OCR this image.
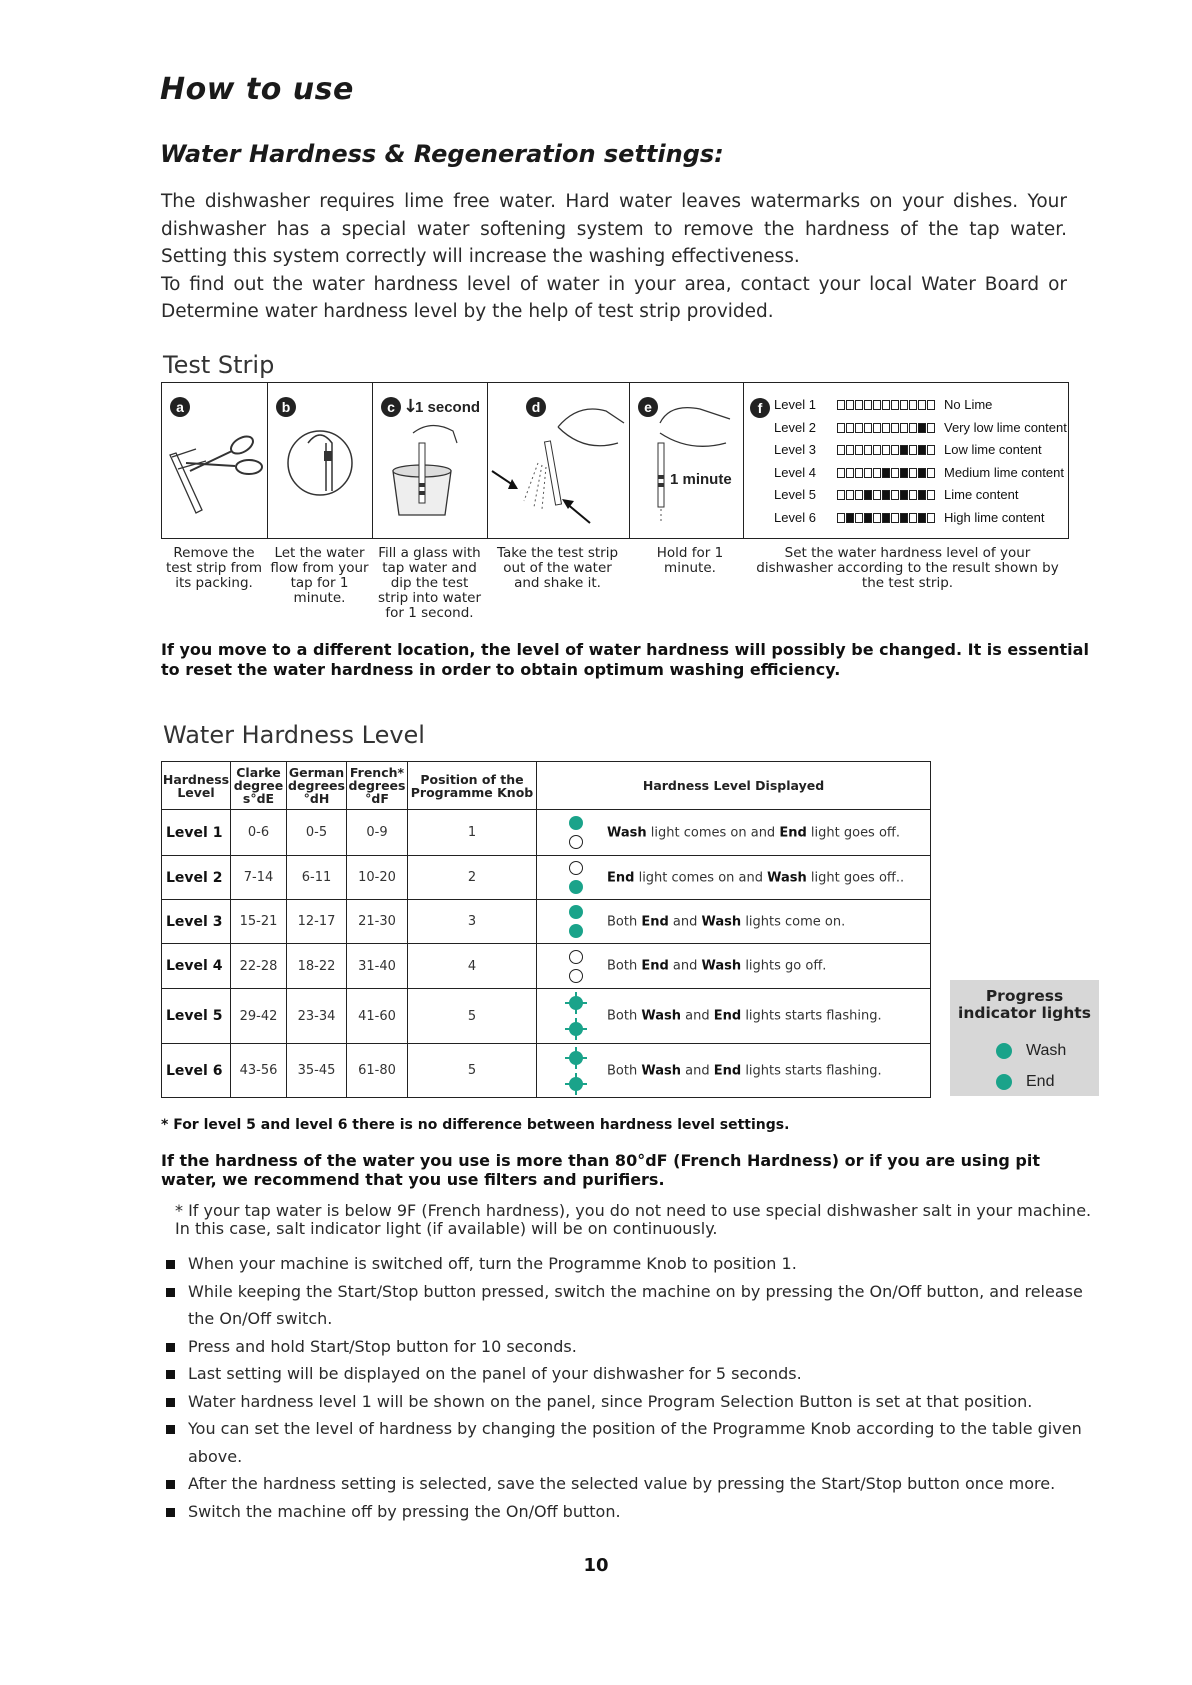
How to use
Water Hardness & Regeneration settings:

The dishwasher requires lime free water. Hard water leaves watermarks on your dishes. Your dishwasher has a special water softening system to remove the hardness of the tap water. Setting this system correctly will increase the washing effectiveness.

To find out the water hardness level of water in your area, contact your local Water Board or Determine water hardness level by the help of test strip provided.

Test Strip
a	b	c ↓
1 second	d	e
1 minute
f Level 1	No Lime
Level 2	Very low lime content
Level 3	Low lime content
Level 4	Medium lime content
Level 5	Lime content
Level 6	High lime content
Remove the test strip from its packing.
Let the water flow from your tap for 1 minute.
Fill a glass with tap water and dip the test strip into water for 1 second.
Take the test strip out of the water and shake it.
Hold for 1 minute.
Set the water hardness level of your dishwasher according to the result shown by the test strip.
If you move to a different location, the level of water hardness will possibly be changed. It is essential to reset the water hardness in order to obtain optimum washing efficiency.
Water Hardness Level
Hardness Level	Clarke degree s°dE	German degrees °dH	French* degrees °dF	Position of the Programme Knob	Hardness Level Displayed
Level 1	0-6	0-5	0-9	1	Wash light comes on and End light goes off.

Level 2	7-14	6-11	10-20	2	End light comes on and Wash light goes off..

Level 3	15-21	12-17	21-30	3	Both End and Wash lights come on.

Level 4	22-28	18-22	31-40	4	Both End and Wash lights go off.

Level 5	29-42	23-34	41-60	5	Both Wash and End lights starts flashing.

Level 6	43-56	35-45	61-80	5	Both Wash and End lights starts flashing.
Progress indicator lights
Wash
End
* For level 5 and level 6 there is no difference between hardness level settings.
If the hardness of the water you use is more than 80°dF (French Hardness) or if you are using pit water, we recommend that you use filters and purifiers.
* If your tap water is below 9F (French hardness), you do not need to use special dishwasher salt in your machine. In this case, salt indicator light (if available) will be on continuously.
When your machine is switched off, turn the Programme Knob to position 1.
While keeping the Start/Stop button pressed, switch the machine on by pressing the On/Off button, and release the On/Off switch.
Press and hold Start/Stop button for 10 seconds.
Last setting will be displayed on the panel of your dishwasher for 5 seconds.
Water hardness level 1 will be shown on the panel, since Program Selection Button is set at that position.
You can set the level of hardness by changing the position of the Programme Knob according to the table given above.
After the hardness setting is selected, save the selected value by pressing the Start/Stop button once more.
Switch the machine off by pressing the On/Off button.
10
